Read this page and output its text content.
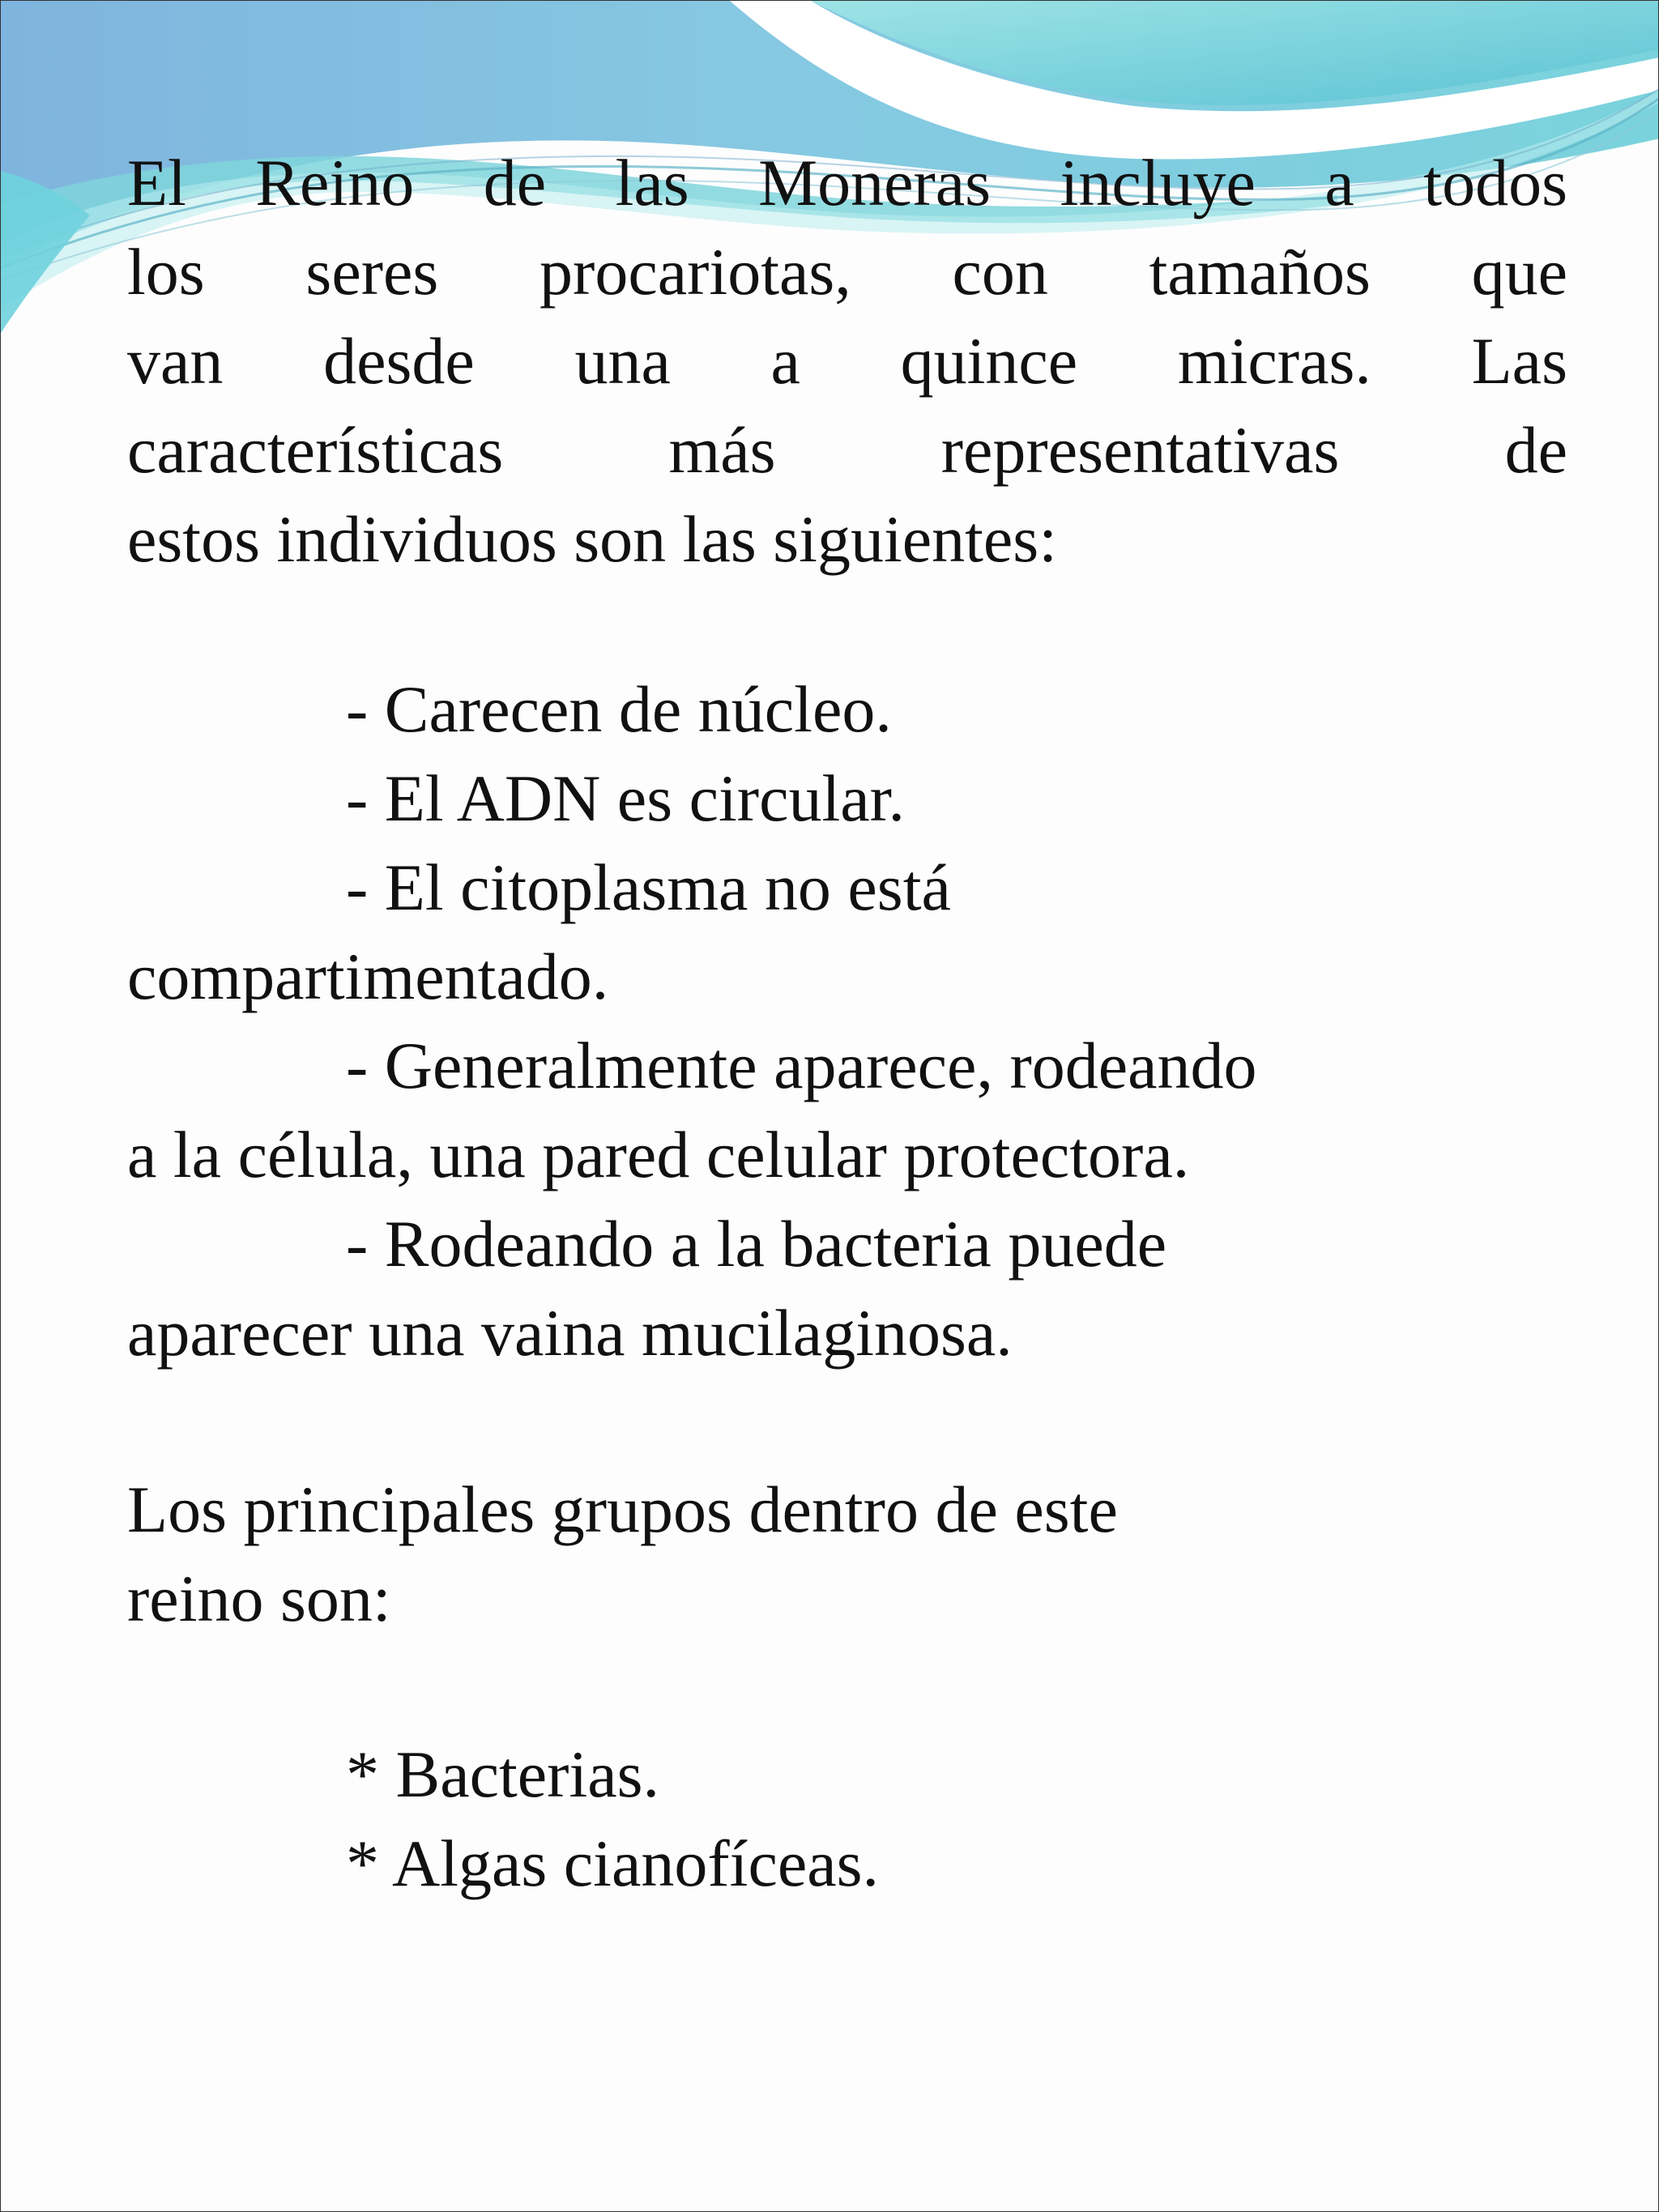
El Reino de las Moneras incluye a todos
los seres procariotas, con tamaños que
van desde una a quince micras. Las
características más representativas de
estos individuos son las siguientes:
- Carecen de núcleo.
- El ADN es circular.
- El citoplasma no está
compartimentado.
- Generalmente aparece, rodeando
a la célula, una pared celular protectora.
- Rodeando a la bacteria puede
aparecer una vaina mucilaginosa.
Los principales grupos dentro de este
reino son:
* Bacterias.
* Algas cianofíceas.
